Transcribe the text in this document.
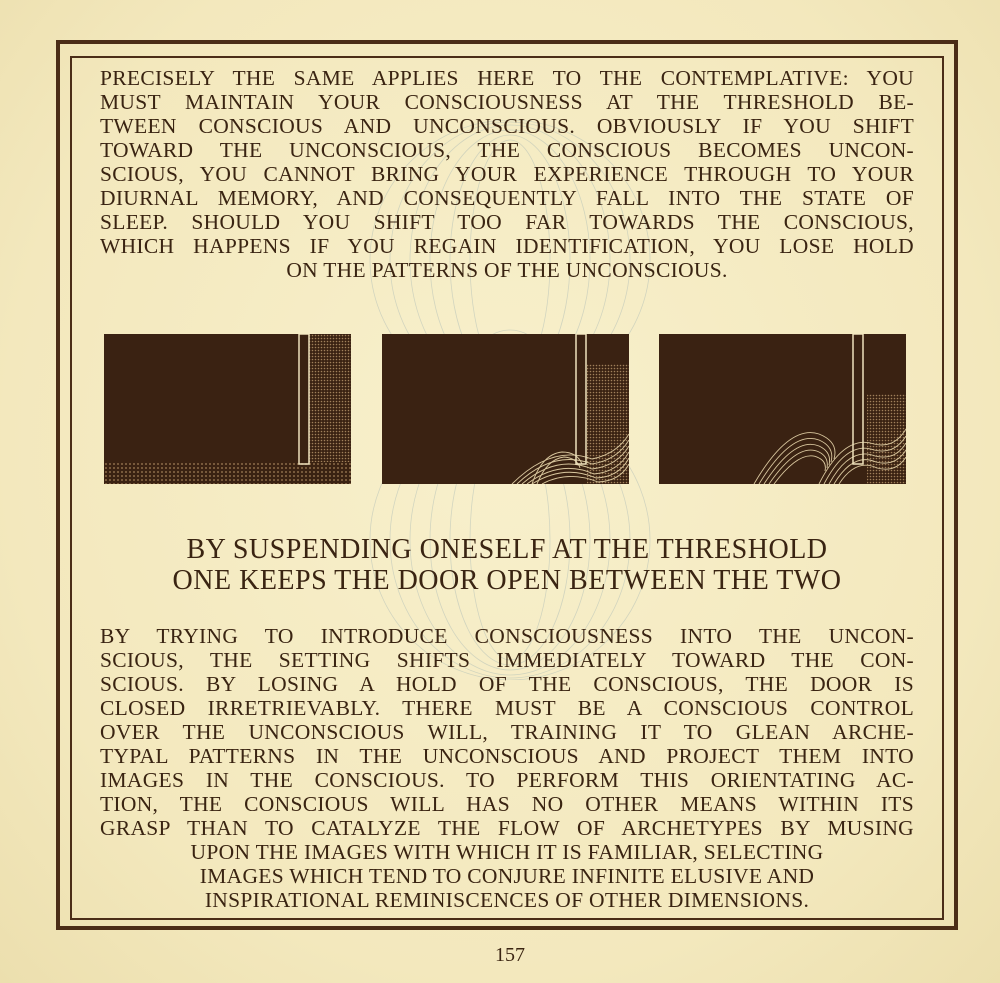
PRECISELY THE SAME APPLIES HERE TO THE CONTEMPLATIVE: YOU
MUST MAINTAIN YOUR CONSCIOUSNESS AT THE THRESHOLD BE-
TWEEN CONSCIOUS AND UNCONSCIOUS. OBVIOUSLY IF YOU SHIFT
TOWARD THE UNCONSCIOUS, THE CONSCIOUS BECOMES UNCON-
SCIOUS, YOU CANNOT BRING YOUR EXPERIENCE THROUGH TO YOUR
DIURNAL MEMORY, AND CONSEQUENTLY FALL INTO THE STATE OF
SLEEP. SHOULD YOU SHIFT TOO FAR TOWARDS THE CONSCIOUS,
WHICH HAPPENS IF YOU REGAIN IDENTIFICATION, YOU LOSE HOLD
ON THE PATTERNS OF THE UNCONSCIOUS.
BY SUSPENDING ONESELF AT THE THRESHOLD
ONE KEEPS THE DOOR OPEN BETWEEN THE TWO
BY TRYING TO INTRODUCE CONSCIOUSNESS INTO THE UNCON-
SCIOUS, THE SETTING SHIFTS IMMEDIATELY TOWARD THE CON-
SCIOUS. BY LOSING A HOLD OF THE CONSCIOUS, THE DOOR IS
CLOSED IRRETRIEVABLY. THERE MUST BE A CONSCIOUS CONTROL
OVER THE UNCONSCIOUS WILL, TRAINING IT TO GLEAN ARCHE-
TYPAL PATTERNS IN THE UNCONSCIOUS AND PROJECT THEM INTO
IMAGES IN THE CONSCIOUS. TO PERFORM THIS ORIENTATING AC-
TION, THE CONSCIOUS WILL HAS NO OTHER MEANS WITHIN ITS
GRASP THAN TO CATALYZE THE FLOW OF ARCHETYPES BY MUSING
UPON THE IMAGES WITH WHICH IT IS FAMILIAR, SELECTING
IMAGES WHICH TEND TO CONJURE INFINITE ELUSIVE AND
INSPIRATIONAL REMINISCENCES OF OTHER DIMENSIONS.
157
